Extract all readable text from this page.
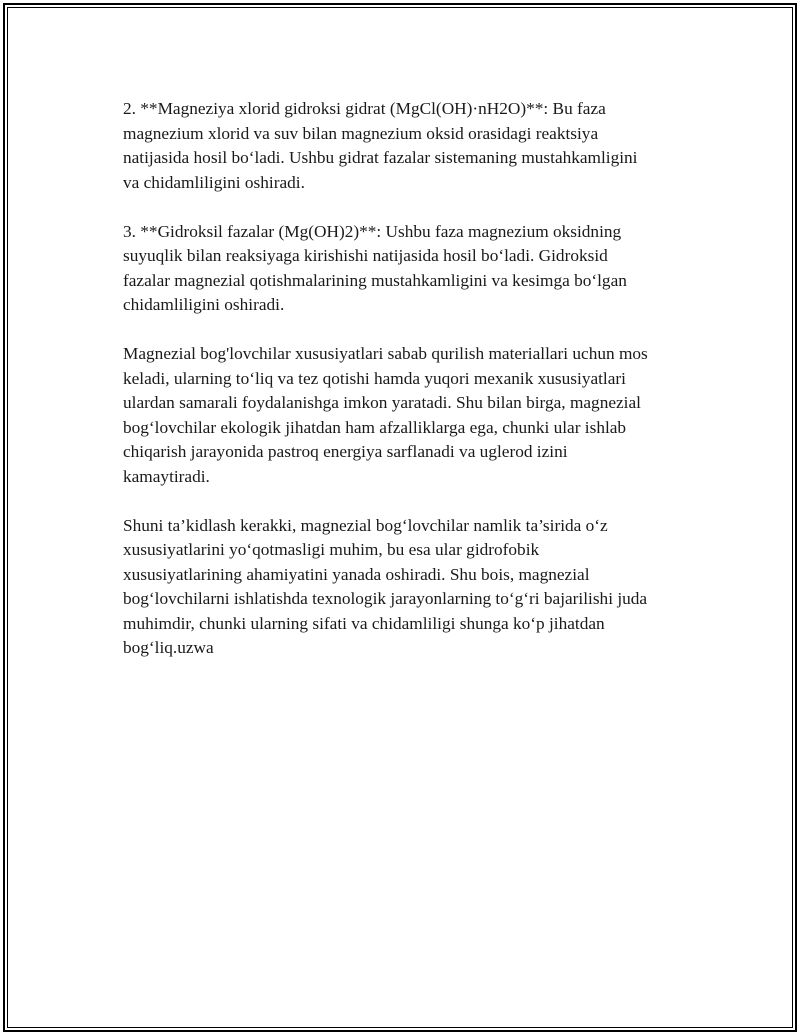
2. **Magneziya xlorid gidroksi gidrat (MgCl(OH)·nH2O)**: Bu faza
magnezium xlorid va suv bilan magnezium oksid orasidagi reaktsiya
natijasida hosil bo‘ladi. Ushbu gidrat fazalar sistemaning mustahkamligini
va chidamliligini oshiradi.

3. **Gidroksil fazalar (Mg(OH)2)**: Ushbu faza magnezium oksidning
suyuqlik bilan reaksiyaga kirishishi natijasida hosil bo‘ladi. Gidroksid
fazalar magnezial qotishmalarining mustahkamligini va kesimga bo‘lgan
chidamliligini oshiradi.

Magnezial bog'lovchilar xususiyatlari sabab qurilish materiallari uchun mos
keladi, ularning to‘liq va tez qotishi hamda yuqori mexanik xususiyatlari
ulardan samarali foydalanishga imkon yaratadi. Shu bilan birga, magnezial
bog‘lovchilar ekologik jihatdan ham afzalliklarga ega, chunki ular ishlab
chiqarish jarayonida pastroq energiya sarflanadi va uglerod izini
kamaytiradi.

Shuni ta’kidlash kerakki, magnezial bog‘lovchilar namlik ta’sirida o‘z
xususiyatlarini yo‘qotmasligi muhim, bu esa ular gidrofobik
xususiyatlarining ahamiyatini yanada oshiradi. Shu bois, magnezial
bog‘lovchilarni ishlatishda texnologik jarayonlarning to‘g‘ri bajarilishi juda
muhimdir, chunki ularning sifati va chidamliligi shunga ko‘p jihatdan
bog‘liq.uzwa
